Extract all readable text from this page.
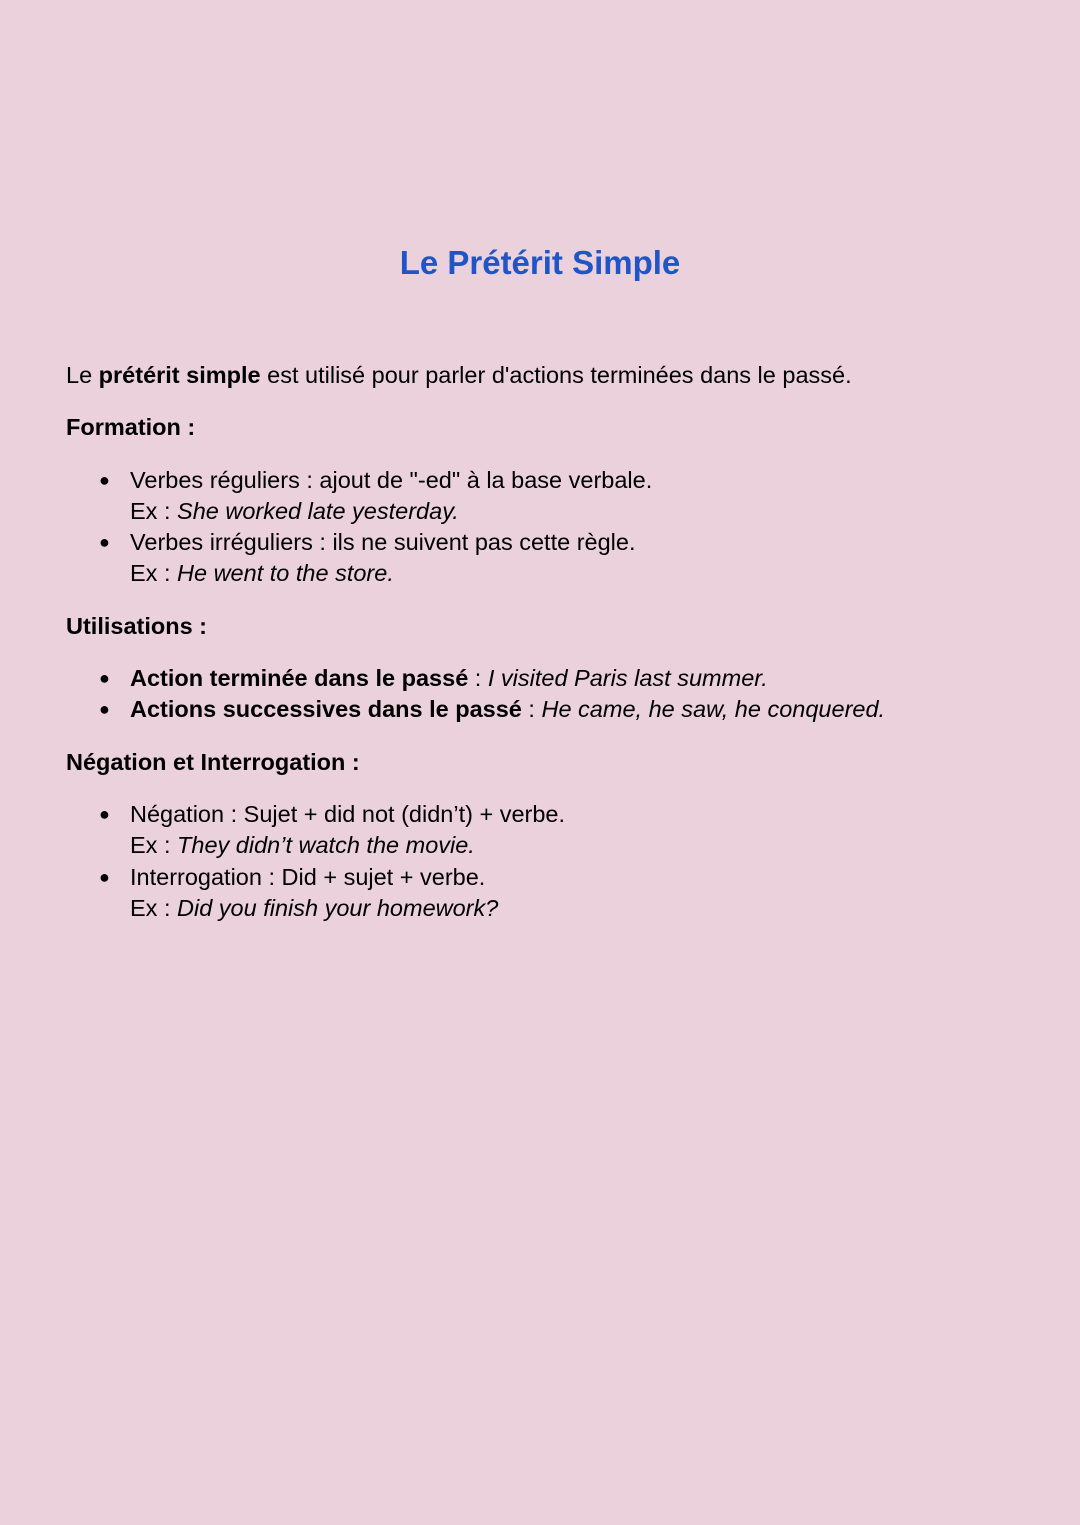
Le Prétérit Simple

Le prétérit simple est utilisé pour parler d'actions terminées dans le passé.

Formation :

● Verbes réguliers : ajout de "-ed" à la base verbale.
Ex : She worked late yesterday.
● Verbes irréguliers : ils ne suivent pas cette règle.
Ex : He went to the store.

Utilisations :

● Action terminée dans le passé : I visited Paris last summer.
● Actions successives dans le passé : He came, he saw, he conquered.

Négation et Interrogation :

● Négation : Sujet + did not (didn’t) + verbe.
Ex : They didn’t watch the movie.
● Interrogation : Did + sujet + verbe.
Ex : Did you finish your homework?
